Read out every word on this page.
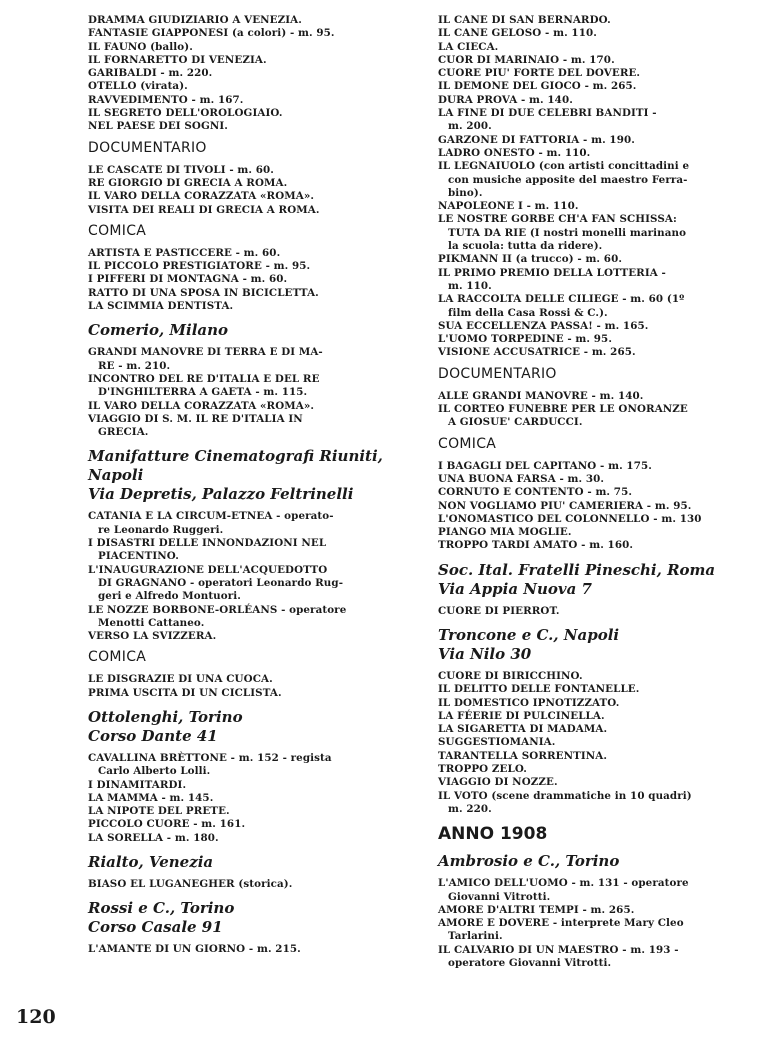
DRAMMA GIUDIZIARIO A VENEZIA.
FANTASIE GIAPPONESI (a colori) - m. 95.
IL FAUNO (ballo).
IL FORNARETTO DI VENEZIA.
GARIBALDI - m. 220.
OTELLO (virata).
RAVVEDIMENTO - m. 167.
IL SEGRETO DELL'OROLOGIAIO.
NEL PAESE DEI SOGNI.
DOCUMENTARIO
LE CASCATE DI TIVOLI - m. 60.
RE GIORGIO DI GRECIA A ROMA.
IL VARO DELLA CORAZZATA «ROMA».
VISITA DEI REALI DI GRECIA A ROMA.
COMICA
ARTISTA E PASTICCERE - m. 60.
IL PICCOLO PRESTIGIATORE - m. 95.
I PIFFERI DI MONTAGNA - m. 60.
RATTO DI UNA SPOSA IN BICICLETTA.
LA SCIMMIA DENTISTA.
Comerio, Milano
GRANDI MANOVRE DI TERRA E DI MA-
RE - m. 210.
INCONTRO DEL RE D'ITALIA E DEL RE
D'INGHILTERRA A GAETA - m. 115.
IL VARO DELLA CORAZZATA «ROMA».
VIAGGIO DI S. M. IL RE D'ITALIA IN
GRECIA.
Manifatture Cinematografi Riuniti,
Napoli
Via Depretis, Palazzo Feltrinelli
CATANIA E LA CIRCUM-ETNEA - operato-
re Leonardo Ruggeri.
I DISASTRI DELLE INNONDAZIONI NEL
PIACENTINO.
L'INAUGURAZIONE DELL'ACQUEDOTTO
DI GRAGNANO - operatori Leonardo Rug-
geri e Alfredo Montuori.
LE NOZZE BORBONE-ORLÉANS - operatore
Menotti Cattaneo.
VERSO LA SVIZZERA.
COMICA
LE DISGRAZIE DI UNA CUOCA.
PRIMA USCITA DI UN CICLISTA.
Ottolenghi, Torino
Corso Dante 41
CAVALLINA BRÈTTONE - m. 152 - regista
Carlo Alberto Lolli.
I DINAMITARDI.
LA MAMMA - m. 145.
LA NIPOTE DEL PRETE.
PICCOLO CUORE - m. 161.
LA SORELLA - m. 180.
Rialto, Venezia
BIASO EL LUGANEGHER (storica).
Rossi e C., Torino
Corso Casale 91
L'AMANTE DI UN GIORNO - m. 215.
IL CANE DI SAN BERNARDO.
IL CANE GELOSO - m. 110.
LA CIECA.
CUOR DI MARINAIO - m. 170.
CUORE PIU' FORTE DEL DOVERE.
IL DEMONE DEL GIOCO - m. 265.
DURA PROVA - m. 140.
LA FINE DI DUE CELEBRI BANDITI -
m. 200.
GARZONE DI FATTORIA - m. 190.
LADRO ONESTO - m. 110.
IL LEGNAIUOLO (con artisti concittadini e
con musiche apposite del maestro Ferra-
bino).
NAPOLEONE I - m. 110.
LE NOSTRE GORBE CH'A FAN SCHISSA:
TUTA DA RIE (I nostri monelli marinano
la scuola: tutta da ridere).
PIKMANN II (a trucco) - m. 60.
IL PRIMO PREMIO DELLA LOTTERIA -
m. 110.
LA RACCOLTA DELLE CILIEGE - m. 60 (1º
film della Casa Rossi & C.).
SUA ECCELLENZA PASSA! - m. 165.
L'UOMO TORPEDINE - m. 95.
VISIONE ACCUSATRICE - m. 265.
DOCUMENTARIO
ALLE GRANDI MANOVRE - m. 140.
IL CORTEO FUNEBRE PER LE ONORANZE
A GIOSUE' CARDUCCI.
COMICA
I BAGAGLI DEL CAPITANO - m. 175.
UNA BUONA FARSA - m. 30.
CORNUTO E CONTENTO - m. 75.
NON VOGLIAMO PIU' CAMERIERA - m. 95.
L'ONOMASTICO DEL COLONNELLO - m. 130
PIANGO MIA MOGLIE.
TROPPO TARDI AMATO - m. 160.
Soc. Ital. Fratelli Pineschi, Roma
Via Appia Nuova 7
CUORE DI PIERROT.
Troncone e C., Napoli
Via Nilo 30
CUORE DI BIRICCHINO.
IL DELITTO DELLE FONTANELLE.
IL DOMESTICO IPNOTIZZATO.
LA FÉERIE DI PULCINELLA.
LA SIGARETTA DI MADAMA.
SUGGESTIOMANIA.
TARANTELLA SORRENTINA.
TROPPO ZELO.
VIAGGIO DI NOZZE.
IL VOTO (scene drammatiche in 10 quadri)
m. 220.
ANNO 1908
Ambrosio e C., Torino
L'AMICO DELL'UOMO - m. 131 - operatore
Giovanni Vitrotti.
AMORE D'ALTRI TEMPI - m. 265.
AMORE E DOVERE - interprete Mary Cleo
Tarlarini.
IL CALVARIO DI UN MAESTRO - m. 193 -
operatore Giovanni Vitrotti.
120
